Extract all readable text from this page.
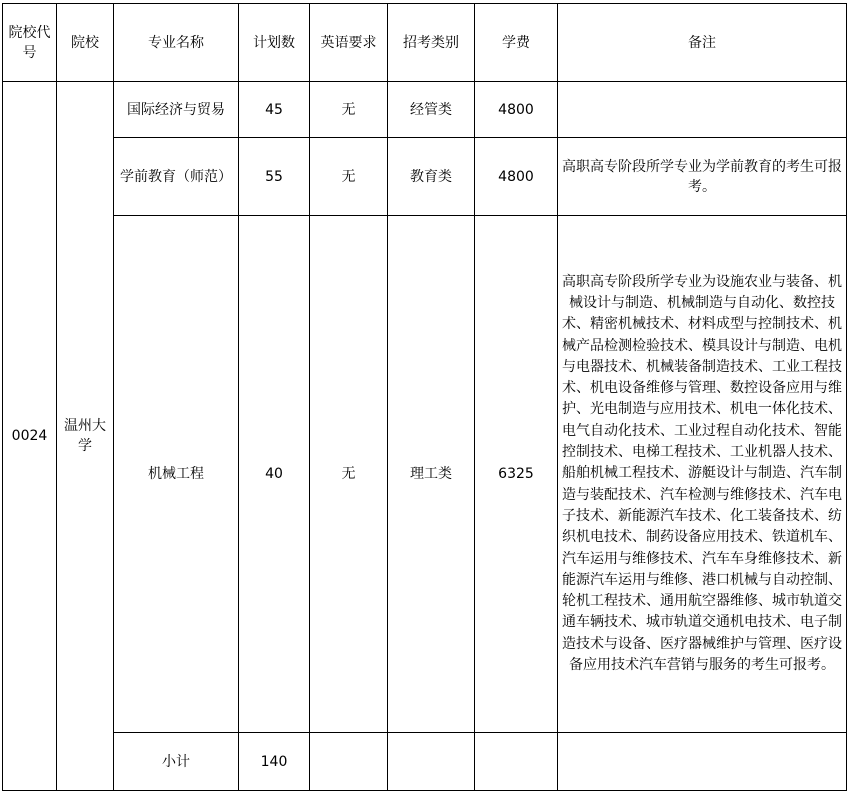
院校代号	院校	专业名称	计划数	英语要求	招考类别	学费	备注
0024	温州大学	国际经济与贸易	45	无	经管类	4800	
		学前教育（师范）	55	无	教育类	4800	高职高专阶段所学专业为学前教育的考生可报考。
		机械工程	40	无	理工类	6325	高职高专阶段所学专业为设施农业与装备、机械设计与制造、机械制造与自动化、数控技术、精密机械技术、材料成型与控制技术、机械产品检测检验技术、模具设计与制造、电机与电器技术、机械装备制造技术、工业工程技术、机电设备维修与管理、数控设备应用与维护、光电制造与应用技术、机电一体化技术、电气自动化技术、工业过程自动化技术、智能控制技术、电梯工程技术、工业机器人技术、船舶机械工程技术、游艇设计与制造、汽车制造与装配技术、汽车检测与维修技术、汽车电子技术、新能源汽车技术、化工装备技术、纺织机电技术、制药设备应用技术、铁道机车、汽车运用与维修技术、汽车车身维修技术、新能源汽车运用与维修、港口机械与自动控制、轮机工程技术、通用航空器维修、城市轨道交通车辆技术、城市轨道交通机电技术、电子制造技术与设备、医疗器械维护与管理、医疗设备应用技术汽车营销与服务的考生可报考。
		小计	140				
